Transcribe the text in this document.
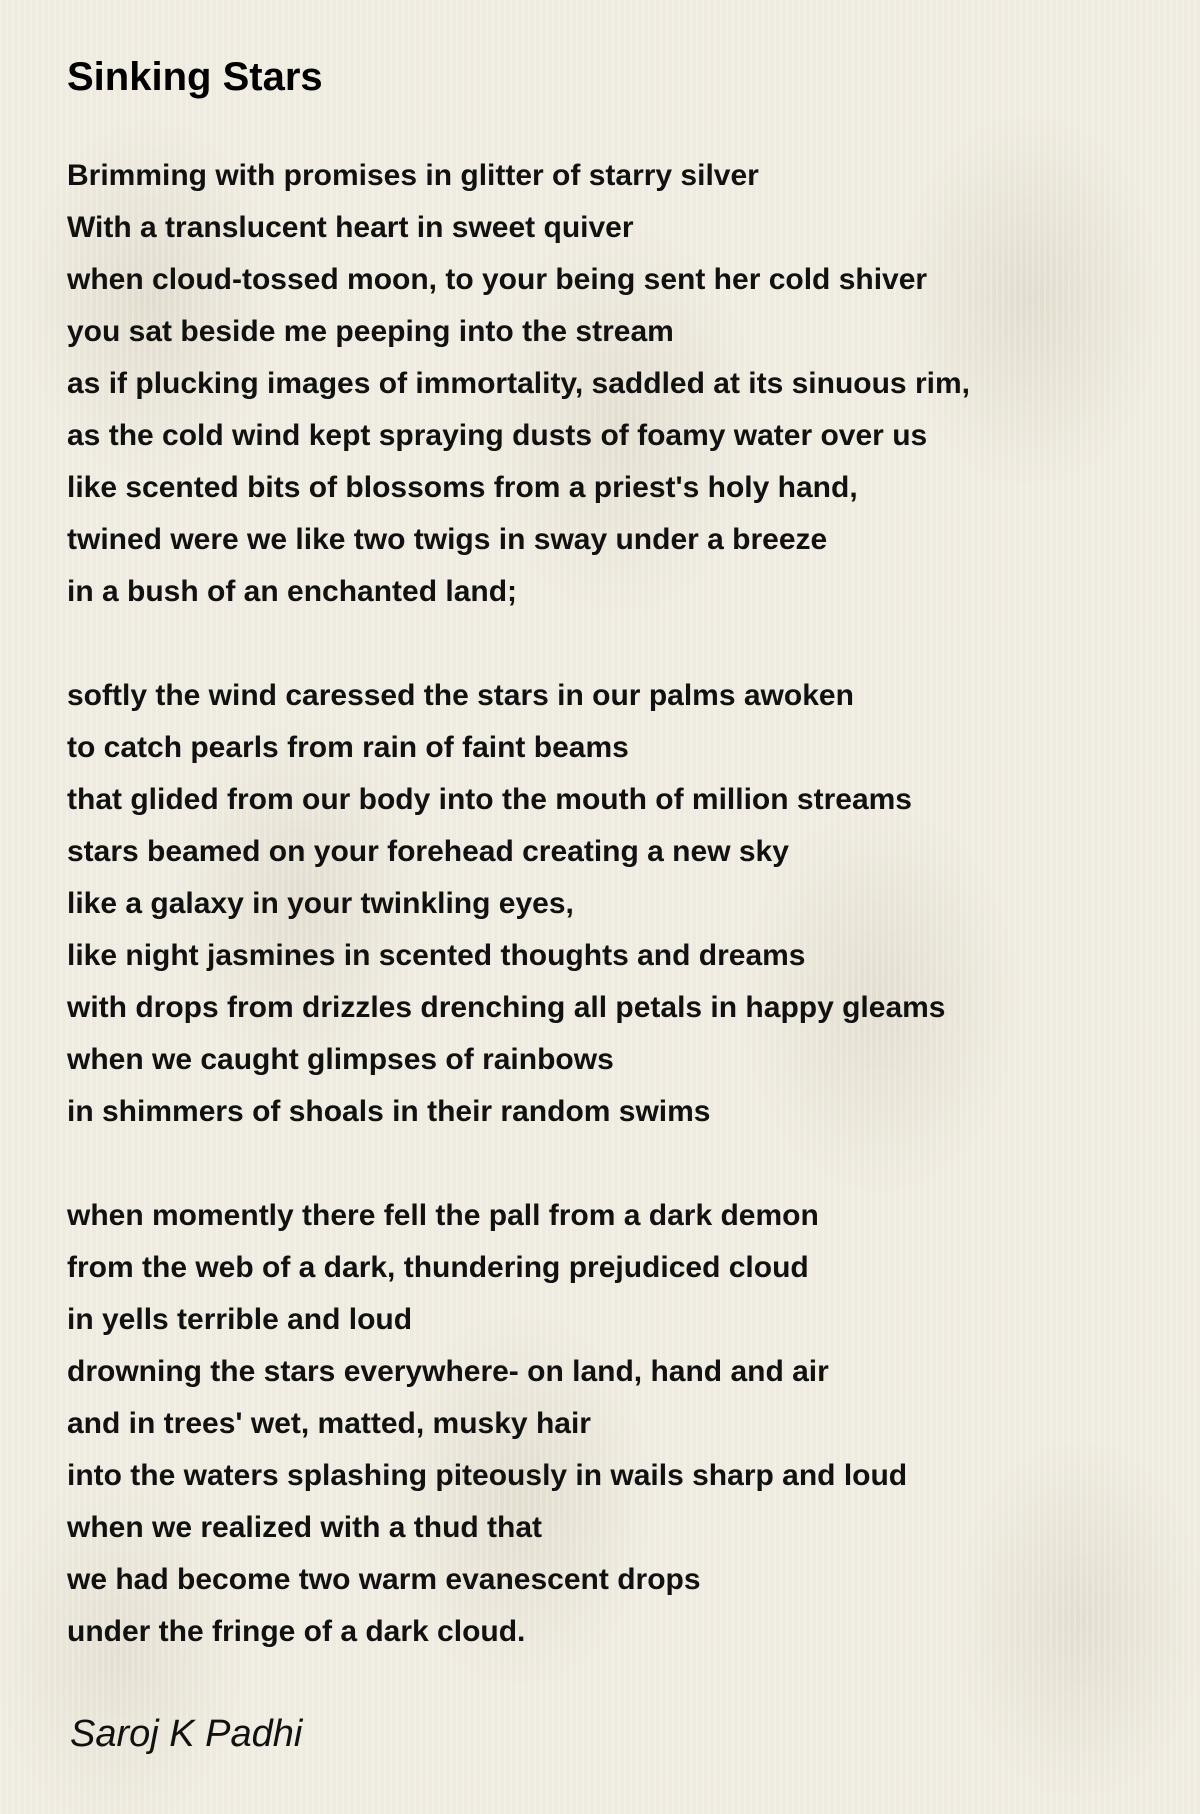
Sinking Stars
Brimming with promises in glitter of starry silver
With a translucent heart in sweet quiver
when cloud-tossed moon, to your being sent her cold shiver
you sat beside me peeping into the stream
as if plucking images of immortality, saddled at its sinuous rim,
as the cold wind kept spraying dusts of foamy water over us
like scented bits of blossoms from a priest's holy hand,
twined were we like two twigs in sway under a breeze
in a bush of an enchanted land;
softly the wind caressed the stars in our palms awoken
to catch pearls from rain of faint beams
that glided from our body into the mouth of million streams
stars beamed on your forehead creating a new sky
like a galaxy in your twinkling eyes,
like night jasmines in scented thoughts and dreams
with drops from drizzles drenching all petals in happy gleams
when we caught glimpses of rainbows
in shimmers of shoals in their random swims
when momently there fell the pall from a dark demon
from the web of a dark, thundering prejudiced cloud
in yells terrible and loud
drowning the stars everywhere- on land, hand and air
and in trees' wet, matted, musky hair
into the waters splashing piteously in wails sharp and loud
when we realized with a thud that
we had become two warm evanescent drops
under the fringe of a dark cloud.
Saroj K Padhi
